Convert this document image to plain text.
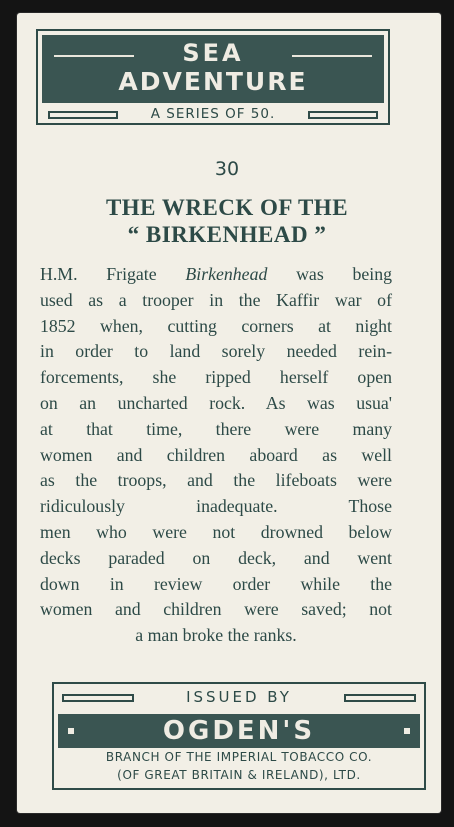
SEA
ADVENTURE
A SERIES OF 50.
30
THE WRECK OF THE
“ BIRKENHEAD ”
H.M. Frigate Birkenhead was being
used as a trooper in the Kaffir war of
1852 when, cutting corners at night
in order to land sorely needed rein-
forcements, she ripped herself open
on an uncharted rock. As was usua'
at that time, there were many
women and children aboard as well
as the troops, and the lifeboats were
ridiculously inadequate. Those
men who were not drowned below
decks paraded on deck, and went
down in review order while the
women and children were saved; not
a man broke the ranks.
ISSUED BY
OGDEN'S
BRANCH OF THE IMPERIAL TOBACCO CO.
(OF GREAT BRITAIN & IRELAND), LTD.
